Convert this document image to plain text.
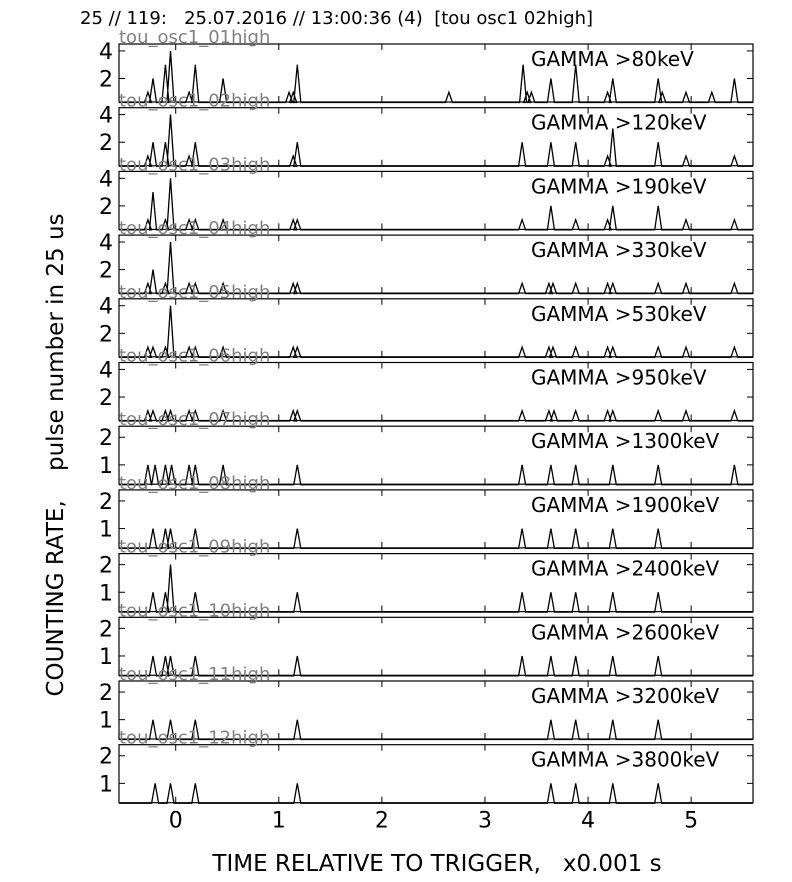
25 // 119:   25.07.2016 // 13:00:36 (4)  [tou osc1 02high]
2
4	GAMMA >80keV
tou_osc1_01high
2
4	GAMMA >120keV
tou_osc1_02high
2
4	GAMMA >190keV
tou_osc1_03high
2
4	GAMMA >330keV
tou_osc1_04high
2
4	GAMMA >530keV
tou_osc1_05high
2
4	GAMMA >950keV
tou_osc1_06high
1
2	GAMMA >1300keV
tou_osc1_07high
1
2	GAMMA >1900keV
tou_osc1_08high
1
2	GAMMA >2400keV
tou_osc1_09high
1
2	GAMMA >2600keV
tou_osc1_10high
1
2	GAMMA >3200keV
tou_osc1_11high
1
2	GAMMA >3800keV
tou_osc1_12high
0	1	2	3	4	5
COUNTING RATE,    pulse number in 25 us
TIME RELATIVE TO TRIGGER,   x0.001 s
